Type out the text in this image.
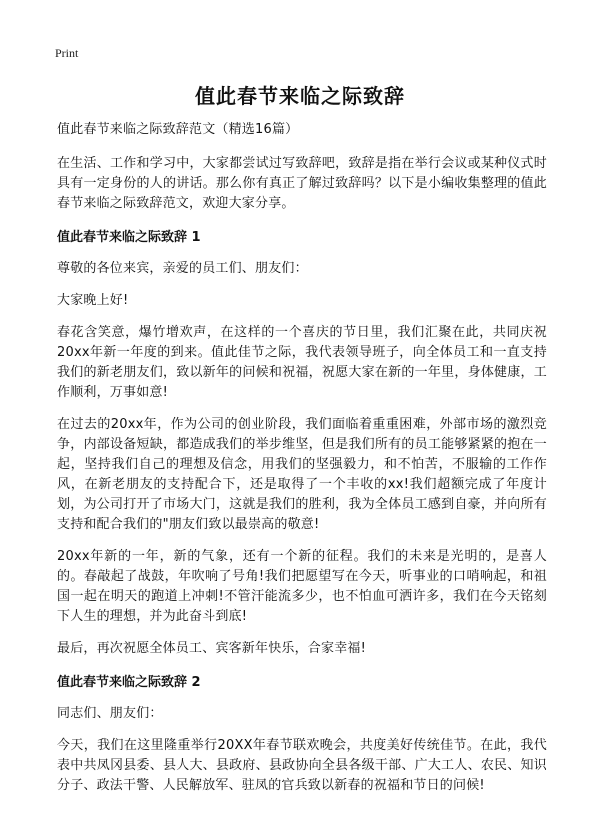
Print
值此春节来临之际致辞

值此春节来临之际致辞范文（精选16篇）

在生活、工作和学习中，大家都尝试过写致辞吧，致辞是指在举行会议或某种仪式时具有一定身份的人的讲话。那么你有真正了解过致辞吗？以下是小编收集整理的值此春节来临之际致辞范文，欢迎大家分享。

值此春节来临之际致辞 1

尊敬的各位来宾，亲爱的员工们、朋友们：

大家晚上好!

春花含笑意，爆竹增欢声，在这样的一个喜庆的节日里，我们汇聚在此，共同庆祝20xx年新一年度的到来。值此佳节之际，我代表领导班子，向全体员工和一直支持我们的新老朋友们，致以新年的问候和祝福，祝愿大家在新的一年里，身体健康，工作顺利，万事如意!

在过去的20xx年，作为公司的创业阶段，我们面临着重重困难，外部市场的激烈竞争，内部设备短缺，都造成我们的举步维坚，但是我们所有的员工能够紧紧的抱在一起，坚持我们自己的理想及信念，用我们的坚强毅力，和不怕苦，不服输的工作作风，在新老朋友的支持配合下，还是取得了一个丰收的xx!我们超额完成了年度计划，为公司打开了市场大门，这就是我们的胜利，我为全体员工感到自豪，并向所有支持和配合我们的"朋友们致以最崇高的敬意!

20xx年新的一年，新的气象，还有一个新的征程。我们的未来是光明的，是喜人的。春敲起了战鼓，年吹响了号角!我们把愿望写在今天，听事业的口哨响起，和祖国一起在明天的跑道上冲刺!不管汗能流多少，也不怕血可洒许多，我们在今天铭刻下人生的理想，并为此奋斗到底!

最后，再次祝愿全体员工、宾客新年快乐，合家幸福!

值此春节来临之际致辞 2

同志们、朋友们：

今天，我们在这里隆重举行20XX年春节联欢晚会，共度美好传统佳节。在此，我代表中共凤冈县委、县人大、县政府、县政协向全县各级干部、广大工人、农民、知识分子、政法干警、人民解放军、驻凤的官兵致以新春的祝福和节日的问候!
